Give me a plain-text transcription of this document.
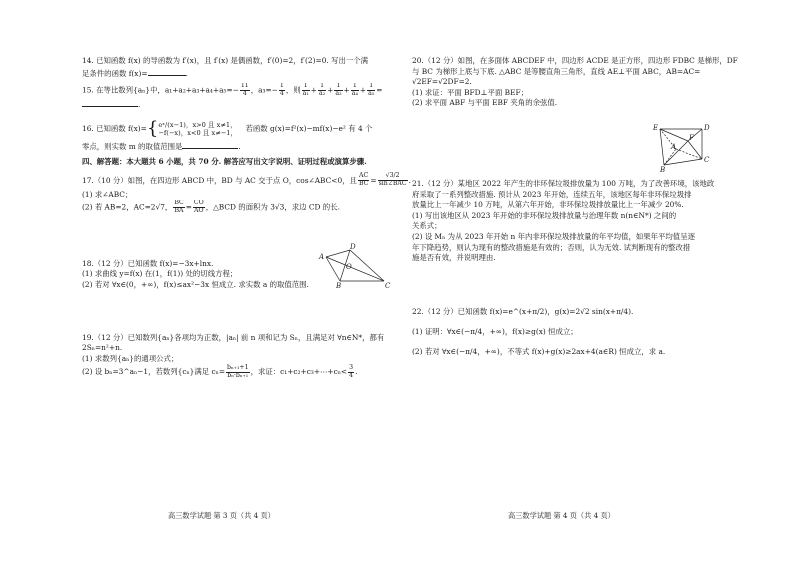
14. 已知函数 f(x) 的导函数为 f′(x)，且 f′(x) 是偶函数，f′(0)=2，f′(2)=0. 写出一个满
足条件的函数 f(x)=	.
15. 在等比数列{aₙ}中，$a_1+a_2+a_3+a_4+a_5=- \frac{11}{4}$ ，$a_3=- \frac{1}{4}$ ，则 $\frac{1}{\text{a₁}} + \frac{1}{\text{a₂}} + \frac{1}{\text{a₃}} + \frac{1}{\text{a₄}} + \frac{1}{\text{a₅}}$ =
.
16. 已知函数 f(x)={ eˣ/(x−1)，x>0 且 x≠1，
−f(−x)，x<0 且 x≠−1， 若函数 g(x)=f²(x)−mf(x)−e² 有 4 个
零点，则实数 m 的取值范围是	.
四、解答题：本大题共 6 小题，共 70 分. 解答应写出文字说明、证明过程或演算步骤.
17.（10 分）如图，在四边形 ABCD 中，BD 与 AC 交于点 O，cos∠ABC<0，且 $\frac{AC}{BC} = \frac{√3/2}{\text{sin∠BAC}}$ .
(1) 求∠ABC；
(2) 若 AB=2，AC=2√7， $\frac{BC}{BA} = \frac{CO}{AO}$ ，△BCD 的面积为 3√3，求边 CD 的长.
18.（12 分）已知函数 f(x)=−3x+lnx.
(1) 求曲线 y=f(x) 在(1，f(1)) 处的切线方程；
(2) 若对 ∀x∈(0，+∞)，f(x)≤ax²−3x 恒成立. 求实数 a 的取值范围.
19.（12 分）已知数列{aₙ}各项均为正数，|aₙ| 前 n 项和记为 Sₙ，且满足对 ∀n∈N*，都有
2Sₙ=n²+n.
(1) 求数列{aₙ}的通项公式；
(2) 设 bₙ=3^aₙ−1，若数列{cₙ}满足 $c_n= \frac{\text{bₙ₊₁+1}}{\text{bₙ·bₙ₊₁}}$ ，求证：c₁+c₂+c₃+⋯+cₙ< $\frac{3}{4}$ .
A
B	C
D
O
20.（12 分）如图，在多面体 ABCDEF 中，四边形 ACDE 是正方形，四边形 FDBC 是梯形，DF
与 BC 为梯形上底与下底. △ABC 是等腰直角三角形，直线 AE⊥平面 ABC，AB=AC=
√2EF=√2DF=2.
(1) 求证：平面 BFD⊥平面 BEF；
(2) 求平面 ABF 与平面 EBF 夹角的余弦值.
21.（12 分）某地区 2022 年产生的非环保垃圾排放量为 100 万吨，为了改善环境，该地政
府采取了一系列整改措施. 预计从 2023 年开始，连续五年，该地区每年非环保垃圾排
放量比上一年减少 10 万吨，从第六年开始，非环保垃圾排放量比上一年减少 20%.
(1) 写出该地区从 2023 年开始的非环保垃圾排放量与治理年数 n(n∈N*) 之间的
关系式；
(2) 设 Mₙ 为从 2023 年开始 n 年内非环保垃圾排放量的年平均值，如果年平均值呈逐
年下降趋势，则认为现有的整改措施是有效的；否则，认为无效. 试判断现有的整改措
施是否有效，并说明理由.
22.（12 分）已知函数 f(x)=e^(x+π/2)，g(x)=2√2 sin(x+π/4).
(1) 证明：∀x∈(−π/4，+∞)，f(x)≥g(x) 恒成立；
(2) 若对 ∀x∈(−π/4，+∞)，不等式 f(x)+g(x)≥2ax+4(a∈R) 恒成立，求 a.
E	D
F
A
B
C
高三数学试题 第 3 页（共 4 页）	高三数学试题 第 4 页（共 4 页）
